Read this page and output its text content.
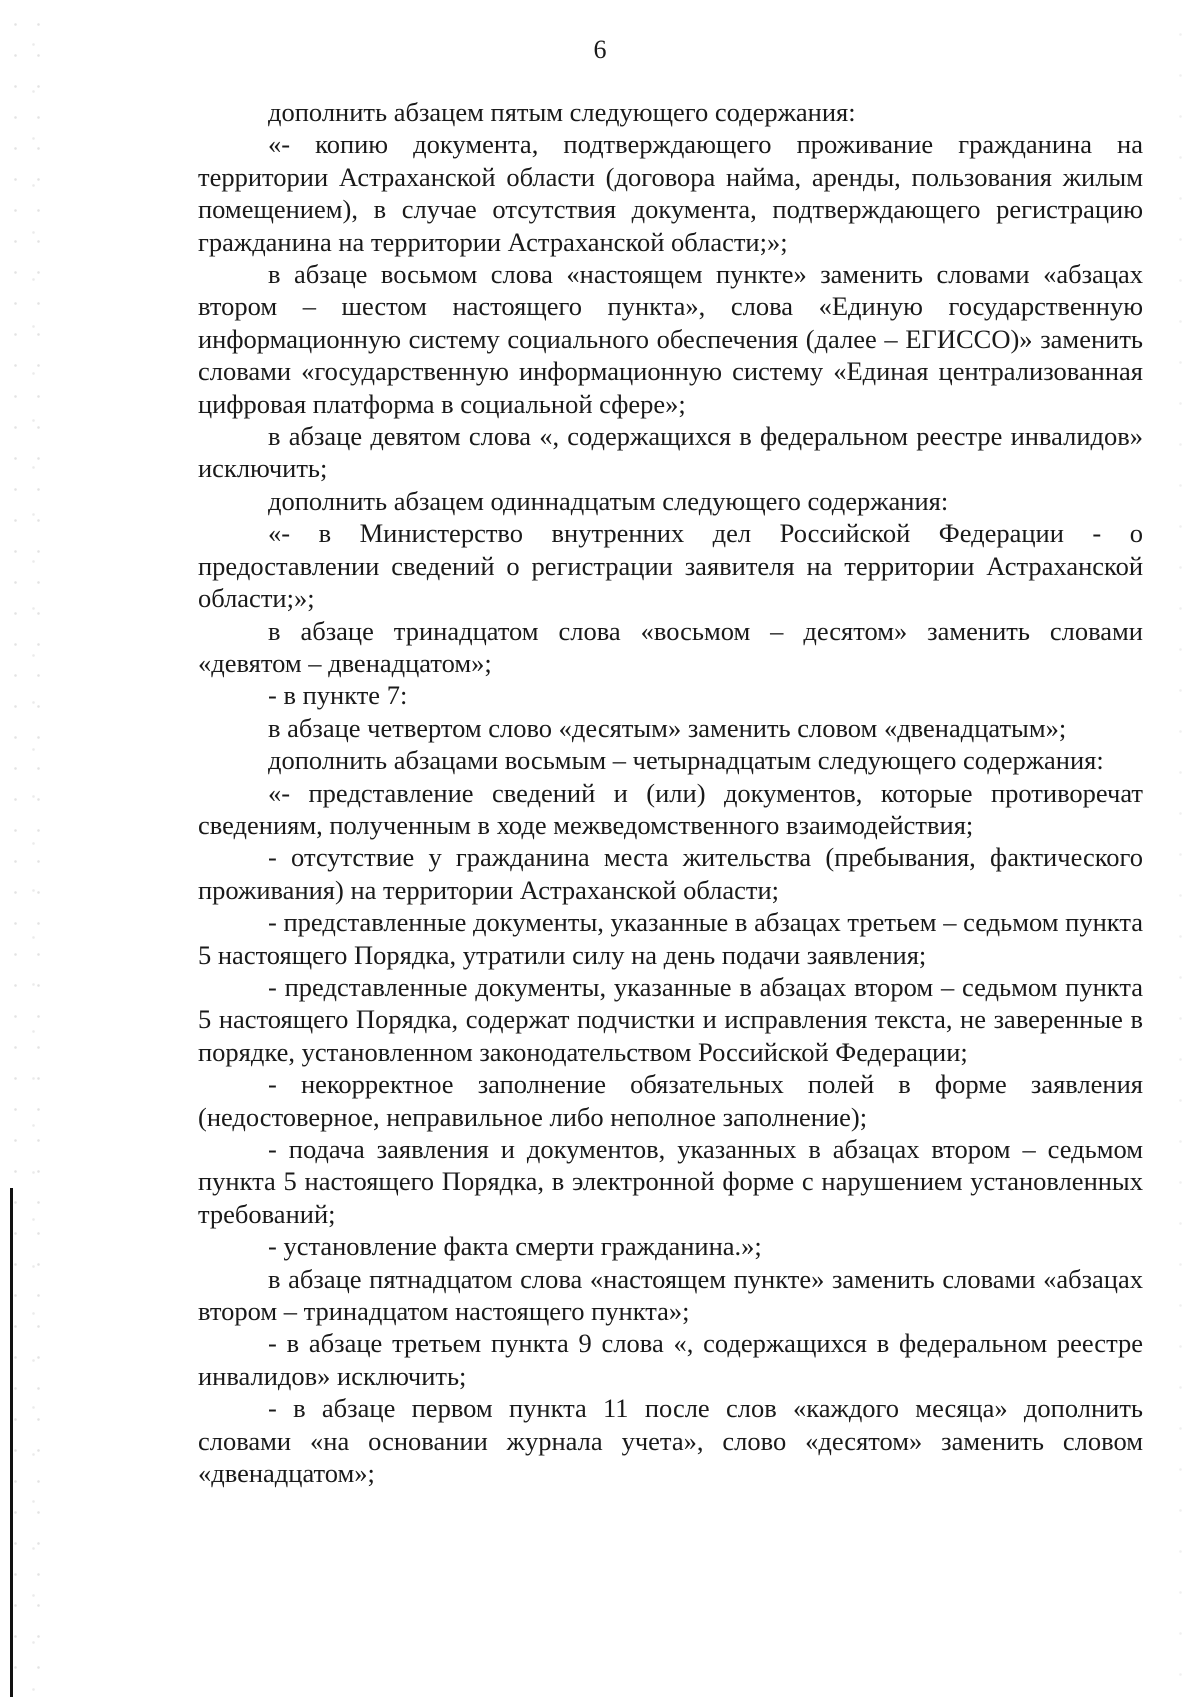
6

дополнить абзацем пятым следующего содержания:

«- копию документа, подтверждающего проживание гражданина на территории Астраханской области (договора найма, аренды, пользования жилым помещением), в случае отсутствия документа, подтверждающего регистрацию гражданина на территории Астраханской области;»;

в абзаце восьмом слова «настоящем пункте» заменить словами «абзацах втором – шестом настоящего пункта», слова «Единую государственную информационную систему социального обеспечения (далее – ЕГИССО)» заменить словами «государственную информационную систему «Единая централизованная цифровая платформа в социальной сфере»;

в абзаце девятом слова «, содержащихся в федеральном реестре инвалидов» исключить;

дополнить абзацем одиннадцатым следующего содержания:

«- в Министерство внутренних дел Российской Федерации - о предоставлении сведений о регистрации заявителя на территории Астраханской области;»;

в абзаце тринадцатом слова «восьмом – десятом» заменить словами «девятом – двенадцатом»;

- в пункте 7:

в абзаце четвертом слово «десятым» заменить словом «двенадцатым»;

дополнить абзацами восьмым – четырнадцатым следующего содержания:

«- представление сведений и (или) документов, которые противоречат сведениям, полученным в ходе межведомственного взаимодействия;

- отсутствие у гражданина места жительства (пребывания, фактического проживания) на территории Астраханской области;

- представленные документы, указанные в абзацах третьем – седьмом пункта 5 настоящего Порядка, утратили силу на день подачи заявления;

- представленные документы, указанные в абзацах втором – седьмом пункта 5 настоящего Порядка, содержат подчистки и исправления текста, не заверенные в порядке, установленном законодательством Российской Федерации;

- некорректное заполнение обязательных полей в форме заявления (недостоверное, неправильное либо неполное заполнение);

- подача заявления и документов, указанных в абзацах втором – седьмом пункта 5 настоящего Порядка, в электронной форме с нарушением установленных требований;

- установление факта смерти гражданина.»;

в абзаце пятнадцатом слова «настоящем пункте» заменить словами «абзацах втором – тринадцатом настоящего пункта»;

- в абзаце третьем пункта 9 слова «, содержащихся в федеральном реестре инвалидов» исключить;

- в абзаце первом пункта 11 после слов «каждого месяца» дополнить словами «на основании журнала учета», слово «десятом» заменить словом «двенадцатом»;
